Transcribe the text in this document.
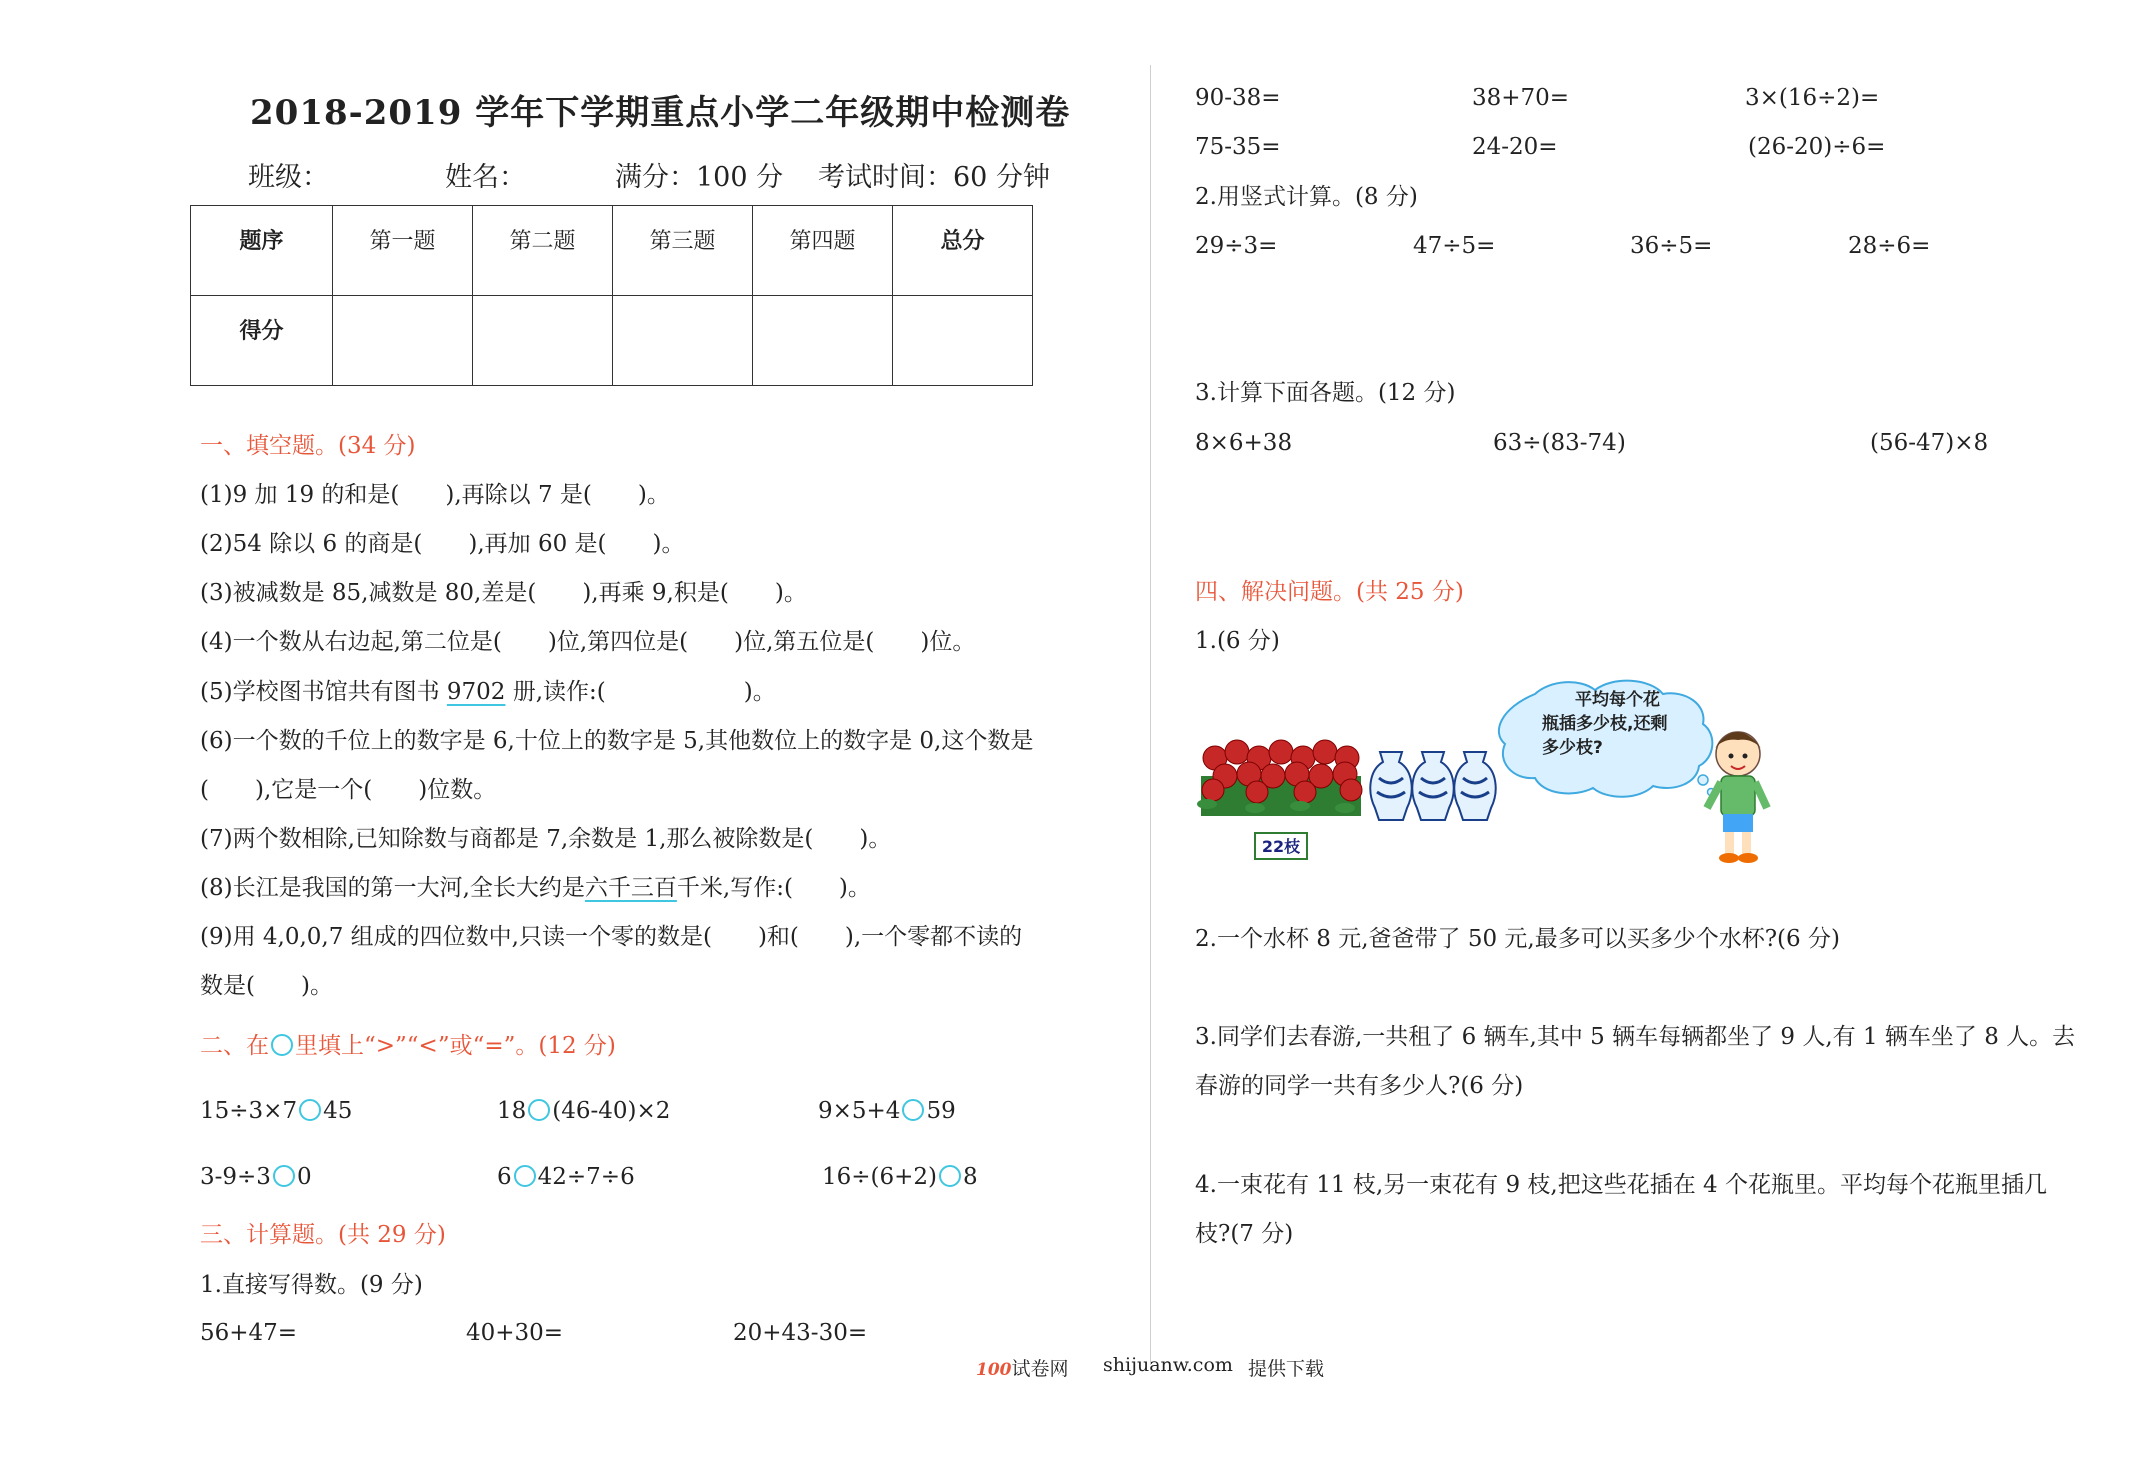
2018-2019 学年下学期重点小学二年级期中检测卷
班级：	姓名：	满分：100 分 考试时间：60 分钟
题序	第一题	第二题	第三题	第四题	总分
得分					
一、填空题。(34 分)
(1)9 加 19 的和是(　　),再除以 7 是(　　)。
(2)54 除以 6 的商是(　　),再加 60 是(　　)。
(3)被减数是 85,减数是 80,差是(　　),再乘 9,积是(　　)。
(4)一个数从右边起,第二位是(　　)位,第四位是(　　)位,第五位是(　　)位。
(5)学校图书馆共有图书 9702 册,读作:(　　　　　　)。
(6)一个数的千位上的数字是 6,十位上的数字是 5,其他数位上的数字是 0,这个数是
(　　),它是一个(　　)位数。
(7)两个数相除,已知除数与商都是 7,余数是 1,那么被除数是(　　)。
(8)长江是我国的第一大河,全长大约是六千三百千米,写作:(　　)。
(9)用 4,0,0,7 组成的四位数中,只读一个零的数是(　　)和(　　),一个零都不读的
数是(　　)。
二、在 里填上“>”“<”或“=”。(12 分)
15÷3×7 45	18 (46-40)×2	9×5+4 59
3-9÷3 0	6 42÷7÷6	16÷(6+2) 8
三、计算题。(共 29 分)
1.直接写得数。(9 分)
56+47=	40+30=	20+43-30=
90-38=	38+70=	3×(16÷2)=
75-35=	24-20=	(26-20)÷6=
2.用竖式计算。(8 分)
29÷3=	47÷5=	36÷5=	28÷6=
3.计算下面各题。(12 分)
8×6+38	63÷(83-74)	(56-47)×8
四、解决问题。(共 25 分)
1.(6 分)
22枝
平均每个花
瓶插多少枝,还剩
多少枝?
2.一个水杯 8 元,爸爸带了 50 元,最多可以买多少个水杯?(6 分)
3.同学们去春游,一共租了 6 辆车,其中 5 辆车每辆都坐了 9 人,有 1 辆车坐了 8 人。去
春游的同学一共有多少人?(6 分)
4.一束花有 11 枝,另一束花有 9 枝,把这些花插在 4 个花瓶里。平均每个花瓶里插几
枝?(7 分)
100试卷网 shijuanw.com 提供下载
